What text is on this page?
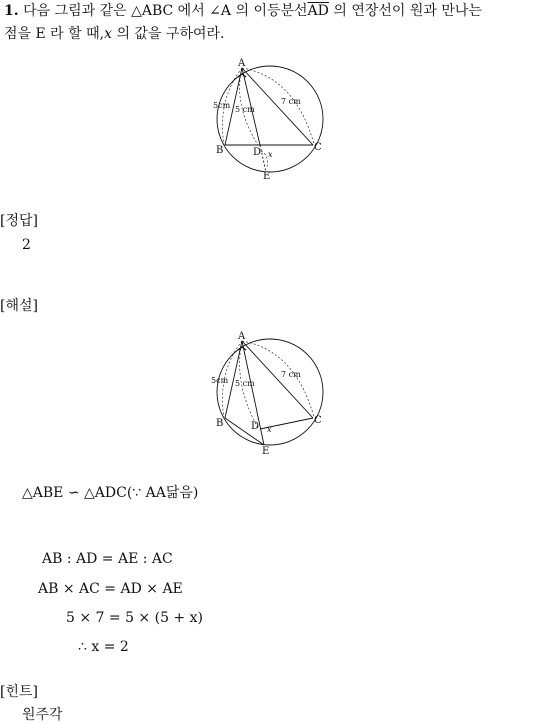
1. 다음 그림과 같은 △ABC 에서 ∠A 의 이등분선$\overline{AD}$ 의 연장선이 원과 만나는
점을 E 라 할 때,x 의 값을 구하여라.
A
B	C
D
E
5cm 5 cm
7 cm
x
[정답]
2
[해설]
A
B	C
D
E
5cm 5 cm
7 cm
x
△ABE ∽ △ADC(∵ AA닮음)
AB : AD = AE : AC
AB × AC = AD × AE
5 × 7 = 5 × (5 + x)
∴ x = 2
[힌트]
원주각
